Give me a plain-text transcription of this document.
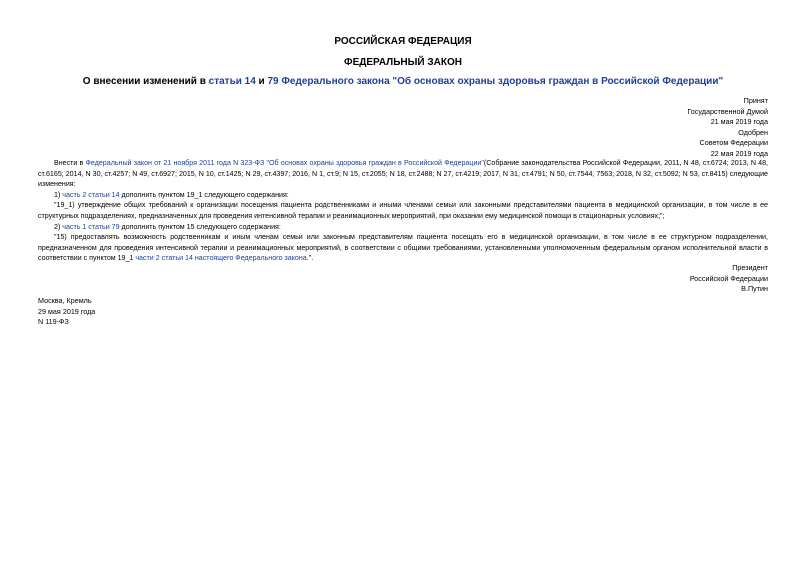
РОССИЙСКАЯ ФЕДЕРАЦИЯ
ФЕДЕРАЛЬНЫЙ ЗАКОН
О внесении изменений в статьи 14 и 79 Федерального закона "Об основах охраны здоровья граждан в Российской Федерации"
Принят
Государственной Думой
21 мая 2019 года
Одобрен
Советом Федерации
22 мая 2019 года
Внести в Федеральный закон от 21 ноября 2011 года N 323-ФЗ "Об основах охраны здоровья граждан в Российской Федерации"(Собрание законодательства Российской Федерации, 2011, N 48, ст.6724; 2013, N 48, ст.6165; 2014, N 30, ст.4257; N 49, ст.6927; 2015, N 10, ст.1425; N 29, ст.4397; 2016, N 1, ст.9; N 15, ст.2055; N 18, ст.2488; N 27, ст.4219; 2017, N 31, ст.4791; N 50, ст.7544, 7563; 2018, N 32, ст.5092; N 53, ст.8415) следующие изменения:
1) часть 2 статьи 14 дополнить пунктом 19_1 следующего содержания:
"19_1) утверждение общих требований к организации посещения пациента родственниками и иными членами семьи или законными представителями пациента в медицинской организации, в том числе в ее структурных подразделениях, предназначенных для проведения интенсивной терапии и реанимационных мероприятий, при оказании ему медицинской помощи в стационарных условиях;";
2) часть 1 статьи 79 дополнить пунктом 15 следующего содержания:
"15) предоставлять возможность родственникам и иным членам семьи или законным представителям пациента посещать его в медицинской организации, в том числе в ее структурном подразделении, предназначенном для проведения интенсивной терапии и реанимационных мероприятий, в соответствии с общими требованиями, установленными уполномоченным федеральным органом исполнительной власти в соответствии с пунктом 19_1 части 2 статьи 14 настоящего Федерального закона.".
Президент
Российской Федерации
В.Путин
Москва, Кремль
29 мая 2019 года
N 119-ФЗ
